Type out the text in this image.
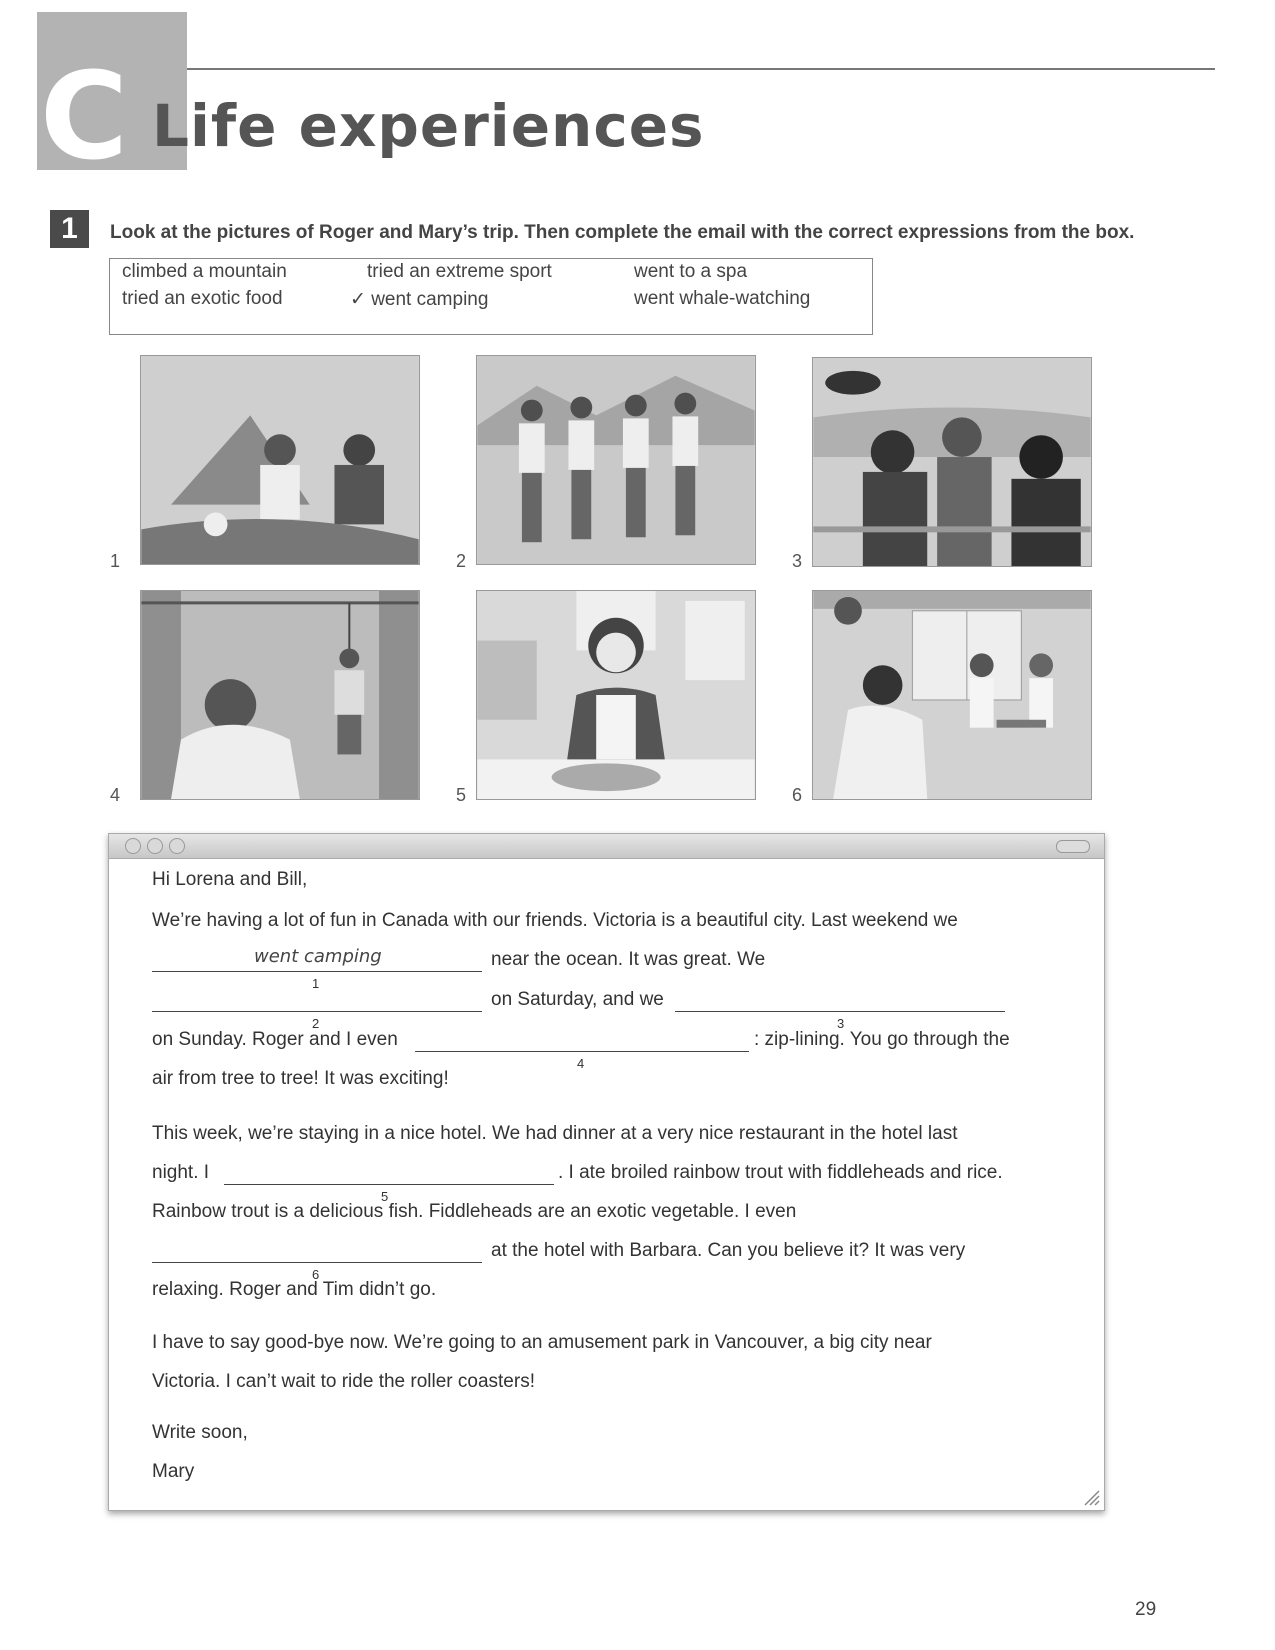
C Life experiences
1	Look at the pictures of Roger and Mary’s trip. Then complete the email with the correct expressions from the box.
climbed a mountain	tried an extreme sport	went to a spa
tried an exotic food	✓ went camping	went whale-watching
1	2	3
4	5	6
Hi Lorena and Bill,
We’re having a lot of fun in Canada with our friends. Victoria is a beautiful city. Last weekend we
went camping
1
near the ocean. It was great. We
2
on Saturday, and we
3
on Sunday. Roger and I even
4
: zip-lining. You go through the
air from tree to tree! It was exciting!
This week, we’re staying in a nice hotel. We had dinner at a very nice restaurant in the hotel last
night. I
5
. I ate broiled rainbow trout with fiddleheads and rice.
Rainbow trout is a delicious fish. Fiddleheads are an exotic vegetable. I even
6
at the hotel with Barbara. Can you believe it? It was very
relaxing. Roger and Tim didn’t go.
I have to say good-bye now. We’re going to an amusement park in Vancouver, a big city near
Victoria. I can’t wait to ride the roller coasters!
Write soon,
Mary
29
